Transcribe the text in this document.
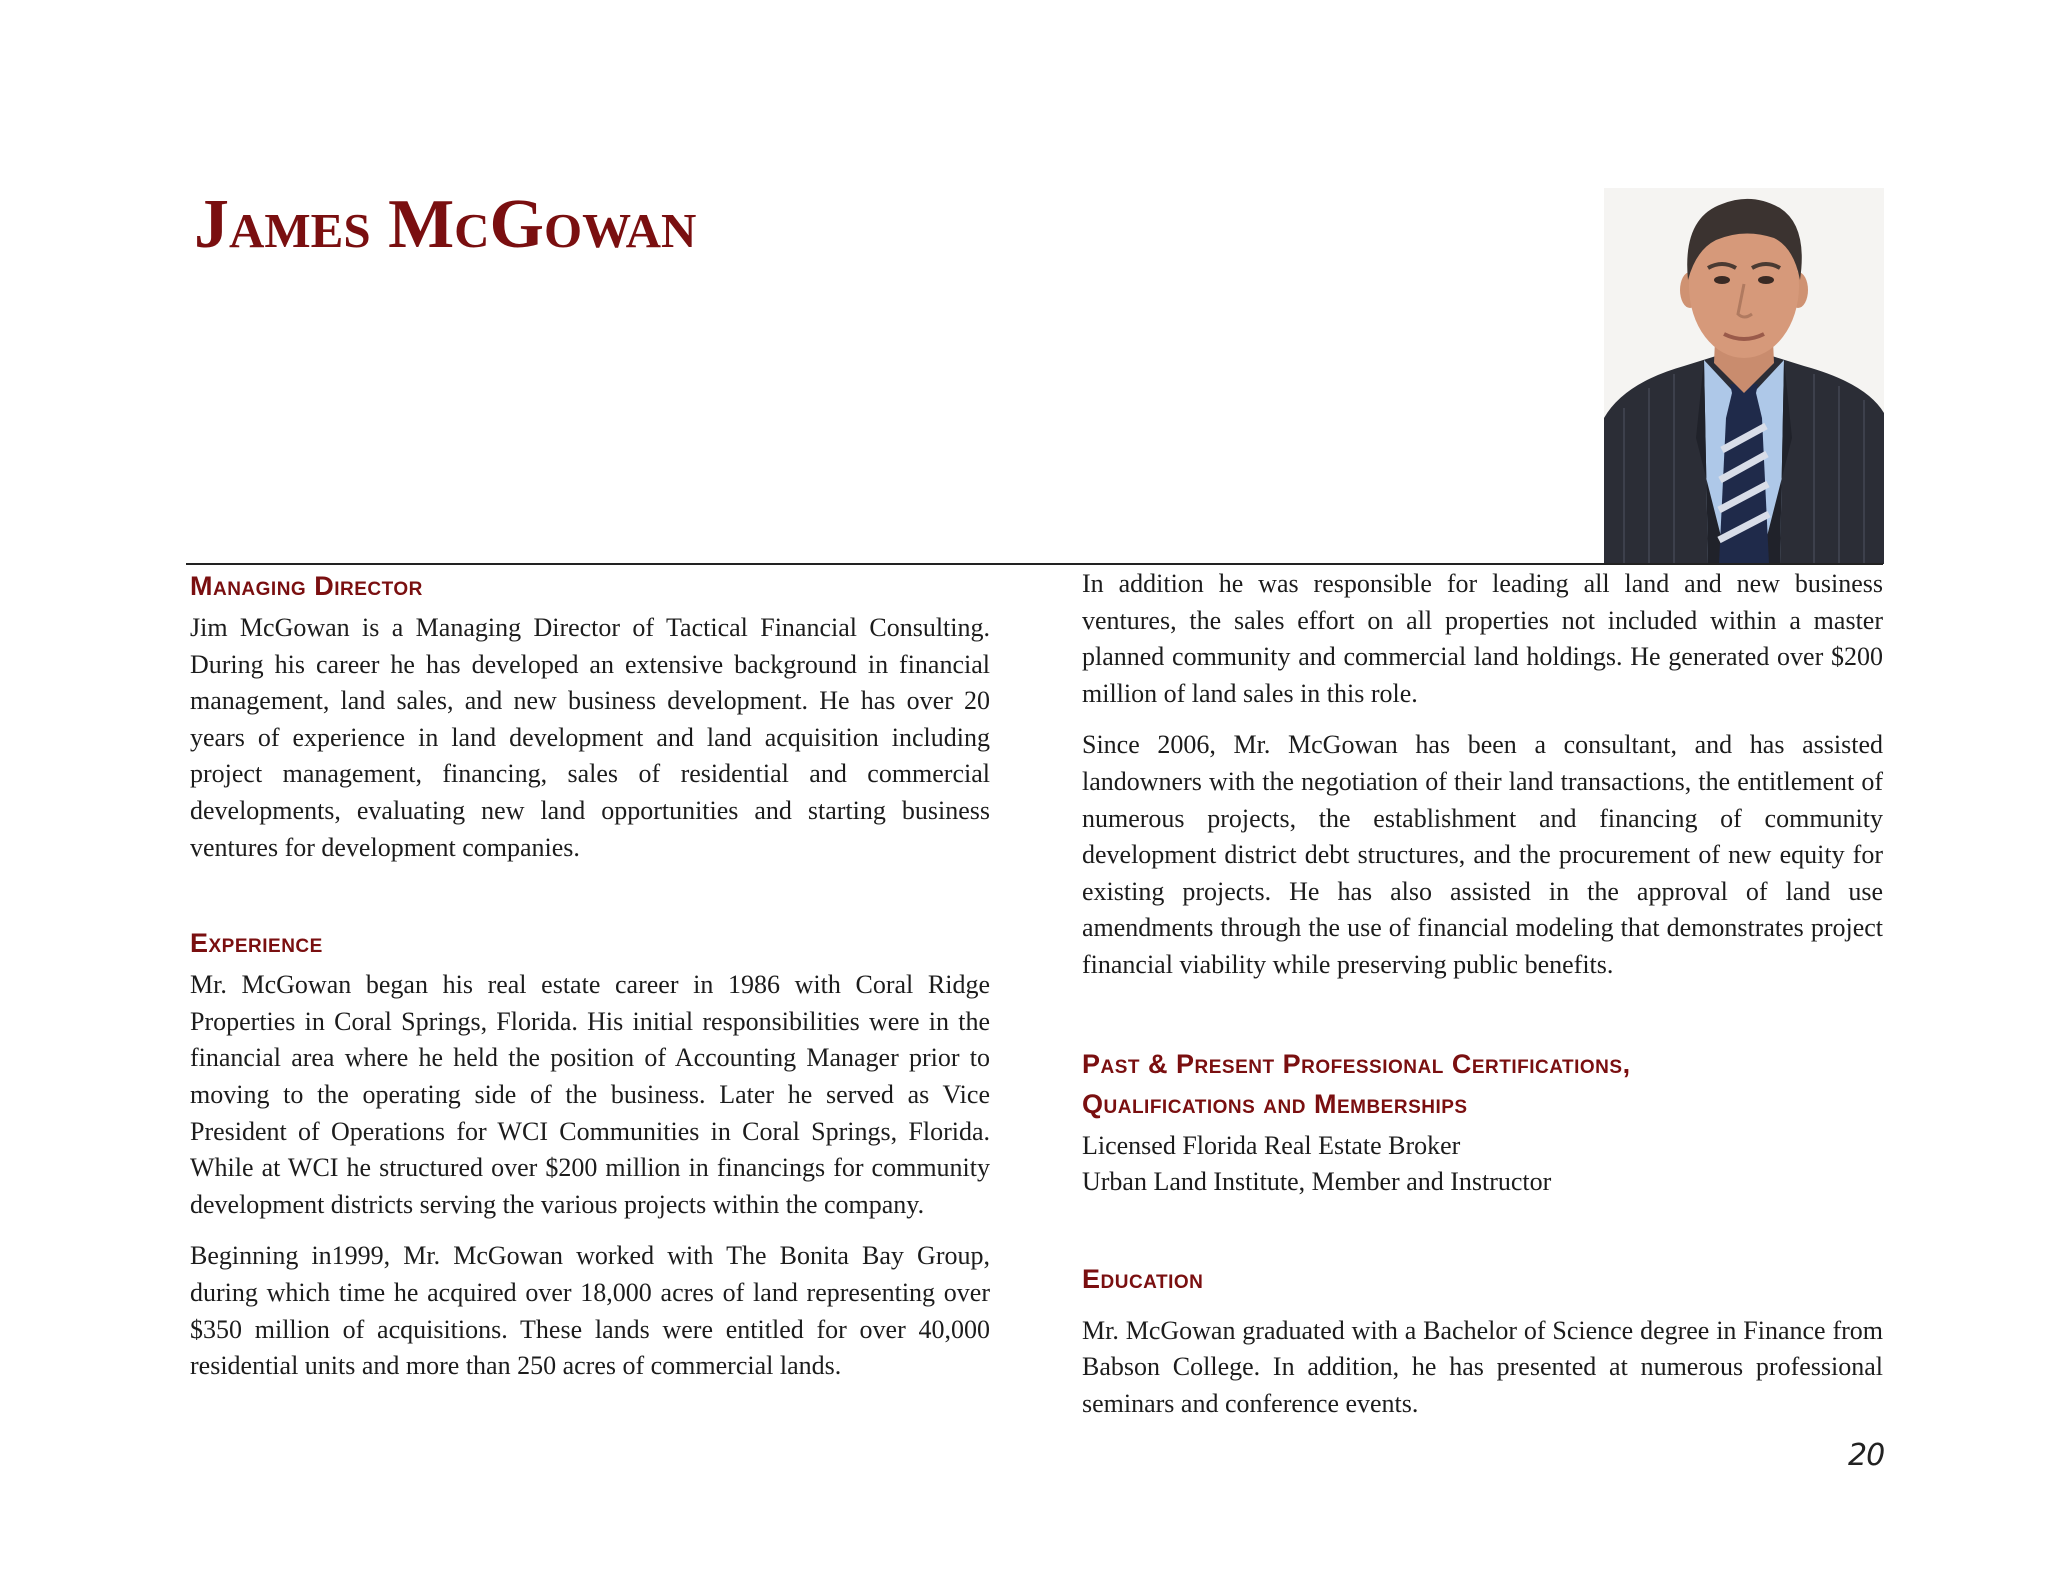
James McGowan
Managing Director

Jim McGowan is a Managing Director of Tactical Financial Consulting. During his career he has developed an extensive background in financial management, land sales, and new business development. He has over 20 years of experience in land development and land acquisition including project management, financing, sales of residential and commercial developments, evaluating new land opportunities and starting business ventures for development companies.

Experience

Mr. McGowan began his real estate career in 1986 with Coral Ridge Properties in Coral Springs, Florida. His initial responsibilities were in the financial area where he held the position of Accounting Manager prior to moving to the operating side of the business. Later he served as Vice President of Operations for WCI Communities in Coral Springs, Florida. While at WCI he structured over $200 million in financings for community development districts serving the various projects within the company.

Beginning in1999, Mr. McGowan worked with The Bonita Bay Group, during which time he acquired over 18,000 acres of land representing over $350 million of acquisitions. These lands were entitled for over 40,000 residential units and more than 250 acres of commercial lands.

In addition he was responsible for leading all land and new business ventures, the sales effort on all properties not included within a master planned community and commercial land holdings. He generated over $200 million of land sales in this role.

Since 2006, Mr. McGowan has been a consultant, and has assisted landowners with the negotiation of their land transactions, the entitlement of numerous projects, the establishment and financing of community development district debt structures, and the procurement of new equity for existing projects. He has also assisted in the approval of land use amendments through the use of financial modeling that demonstrates project financial viability while preserving public benefits.

Past & Present Professional Certifications,
Qualifications and Memberships

Licensed Florida Real Estate Broker

Urban Land Institute, Member and Instructor

Education

Mr. McGowan graduated with a Bachelor of Science degree in Finance from Babson College. In addition, he has presented at numerous professional seminars and conference events.

20
